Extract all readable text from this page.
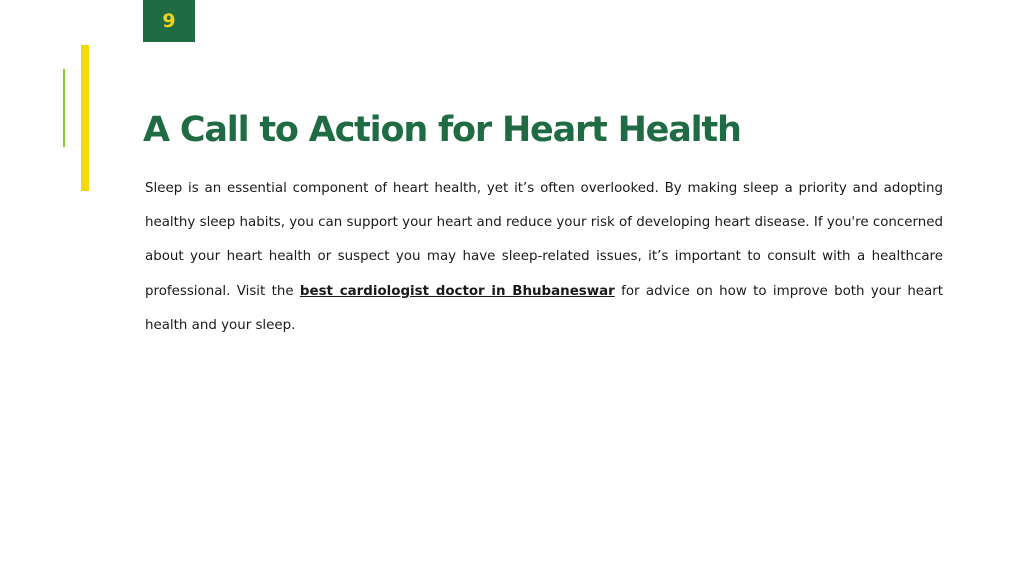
9
A Call to Action for Heart Health

Sleep is an essential component of heart health, yet it’s often overlooked. By making sleep a priority and adopting healthy sleep habits, you can support your heart and reduce your risk of developing heart disease. If you're concerned about your heart health or suspect you may have sleep-related issues, it’s important to consult with a healthcare professional. Visit the best cardiologist doctor in Bhubaneswar for advice on how to improve both your heart health and your sleep.
